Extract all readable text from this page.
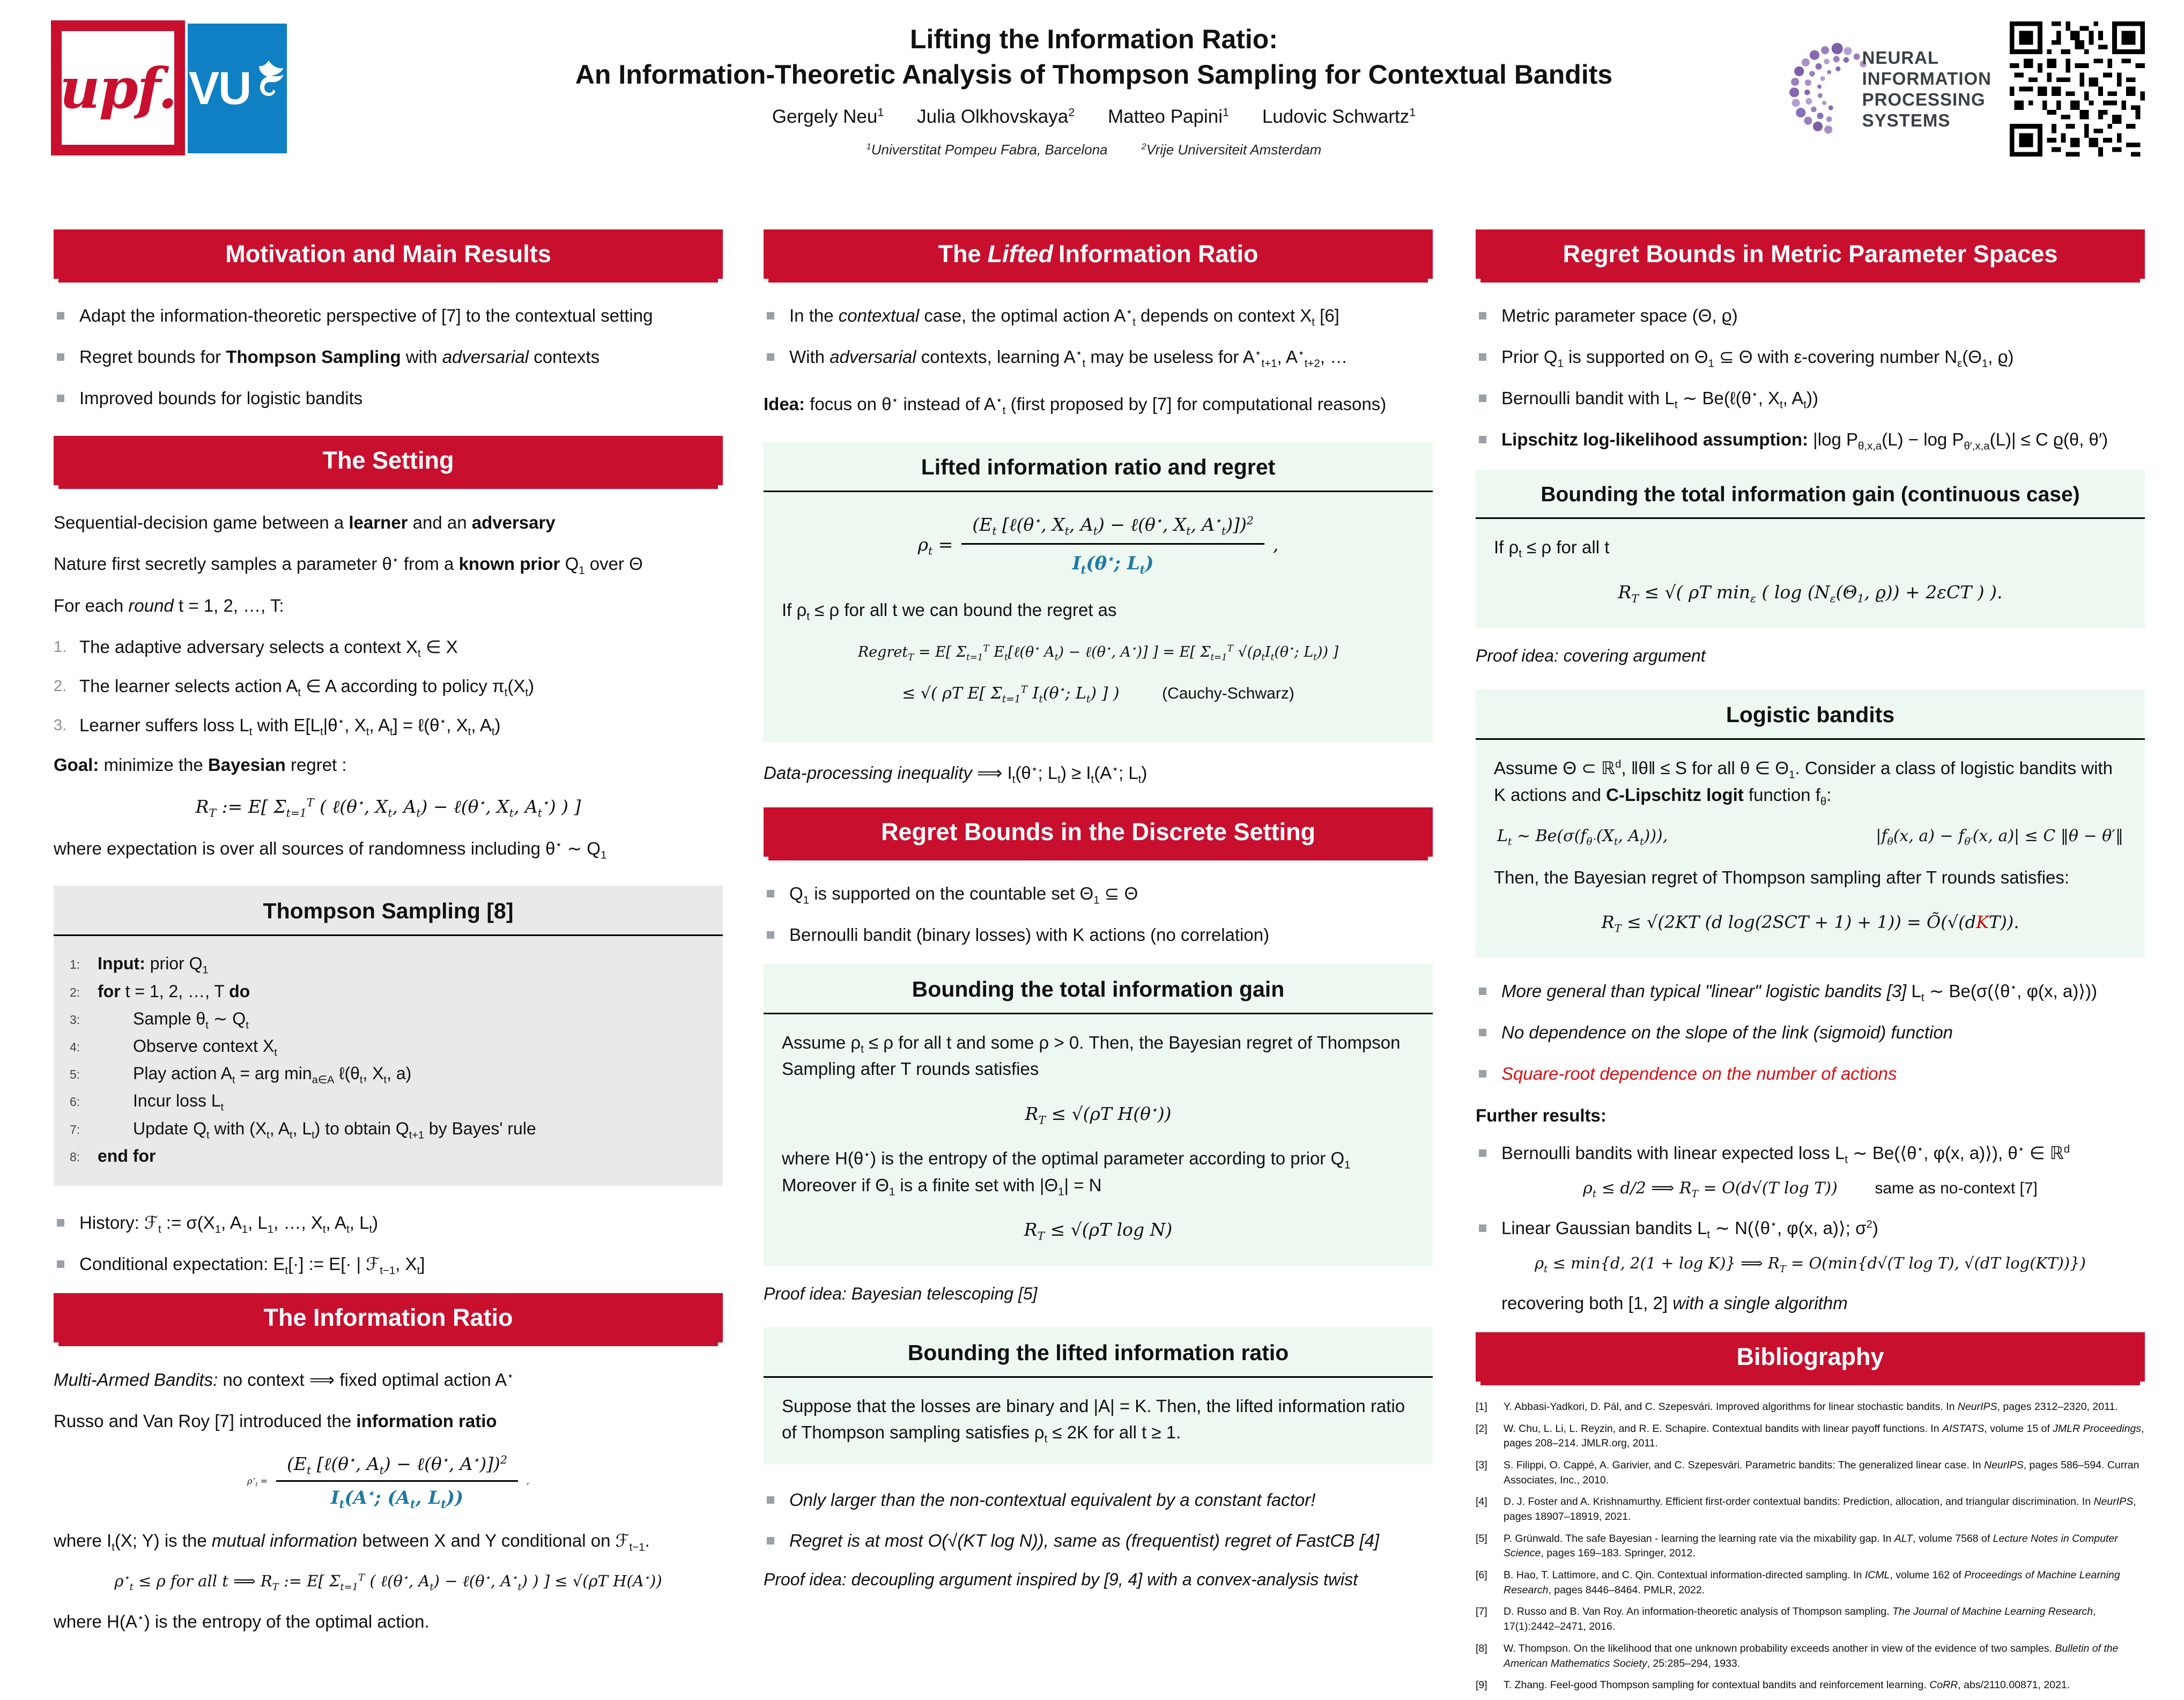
upf. VU
Lifting the Information Ratio:
An Information-Theoretic Analysis of Thompson Sampling for Contextual Bandits
Gergely Neu$^1$ Julia Olkhovskaya$^2$ Matteo Papini$^1$ Ludovic Schwartz$^1$
$^1$Universtitat Pompeu Fabra, Barcelona	$^2$Vrije Universiteit Amsterdam
NEURAL
INFORMATION
PROCESSING
SYSTEMS
Motivation and Main Results
Adapt the information-theoretic perspective of [7] to the contextual setting
Regret bounds for Thompson Sampling with adversarial contexts
Improved bounds for logistic bandits
The Setting
Sequential-decision game between a learner and an adversary
Nature first secretly samples a parameter θ⋆ from a known prior $Q_1$ over Θ
For each round t = 1, 2, …, T:
1. The adaptive adversary selects a context $X_t$ ∈ X
2. The learner selects action $A_t$ ∈ A according to policy $\pi_t(X_t)$
3. Learner suffers loss $L_t$ with $E[L_t|\theta^⋆$, $X_t$, $A_t$] = ℓ(θ⋆, $X_t$, $A_t$)
Goal: minimize the Bayesian regret :
$R_T$ := E[ $\Sigma_{t=1}^T$ ( ℓ(θ⋆, $X_t$, $A_t$) − ℓ(θ⋆, $X_t$, $A_t^⋆$) ) ]
where expectation is over all sources of randomness including θ⋆ ∼ $Q_1$
Thompson Sampling [8]
1:	Input: prior $Q_1$
2:	for t = 1, 2, …, T do
3:	Sample $\theta_t$ ∼ $Q_t$
4:	Observe context $X_t$
5:	Play action $A_t$ = arg $\min_{a\in A}$ $\ell(\theta_t$, $X_t$, a)
6:	Incur loss $L_t$
7:	Update $Q_t$ with ($X_t$, $A_t$, $L_t$) to obtain $Q_{t+1}$ by Bayes' rule
8:	end for
History: ℱ$_t$ := $\sigma(X_1$, $A_1$, $L_1$, …, $X_t$, $A_t$, $L_t$)
Conditional expectation: $E_t[\cdot]$ := E[· | ℱ$_{t-1}$, $X_t$]
The Information Ratio
Multi-Armed Bandits: no context ⟹ fixed optimal action A⋆
Russo and Van Roy [7] introduced the information ratio
$\rho^⋆_t = \frac{(E_t [\ell(\theta^⋆, A_t) - \ell(\theta^⋆, A^⋆)])^2}{I_t(A^⋆; (A_t, L_t))}$ ,
where $I_t(X$; Y) is the mutual information between X and Y conditional on ℱ$_{t-1}$.
$\rho^⋆_t \le \rho$ for all t ⟹ $R_T$ := E[ $\Sigma_{t=1}^T$ ( ℓ(θ⋆, $A_t$) − ℓ(θ⋆, $A^⋆_t$) ) ] ≤ √(ρT H(A⋆))
where H(A⋆) is the entropy of the optimal action.
The Lifted Information Ratio
In the contextual case, the optimal action $A^⋆_t$ depends on context $X_t$ [6]
With adversarial contexts, learning $A^⋆_t$ may be useless for $A^⋆_{t+1}$, $A^⋆_{t+2}$, …
Idea: focus on θ⋆ instead of $A^⋆_t$ (first proposed by [7] for computational reasons)
Lifted information ratio and regret
$\rho_t = \frac{(E_t [\ell(\theta^⋆, X_t, A_t) - \ell(\theta^⋆, X_t, A^⋆_t)])^2}{I_t(\theta^⋆; L_t)}$ ,
If $\rho_t \le \rho$ for all t we can bound the regret as
Regret$_T$ = E[ $\Sigma_{t=1}^T$ $E_t[\ell(\theta^⋆$ $A_t$) − ℓ(θ⋆, A⋆)] ] = E[ $\Sigma_{t=1}^T$ $√(\rho_tI_t(\theta^⋆$; $L_t$)) ]
≤ √( ρT E[ $\Sigma_{t=1}^T$ $I_t(\theta^⋆$; $L_t$) ] )	(Cauchy-Schwarz)
Data-processing inequality ⟹ $I_t(\theta^⋆$; $L_t) \ge I_t(A^⋆$; $L_t$)
Regret Bounds in the Discrete Setting
$Q_1$ is supported on the countable set $\Theta_1$ ⊆ Θ
Bernoulli bandit (binary losses) with K actions (no correlation)
Bounding the total information gain
Assume $\rho_t \le \rho$ for all t and some ρ > 0. Then, the Bayesian regret of Thompson Sampling after T rounds satisfies
$R_T \le √(\rho T$ H(θ⋆))
where H(θ⋆) is the entropy of the optimal parameter according to prior $Q_1$
Moreover if $\Theta_1$ is a finite set with $|\Theta_1| = N$
$R_T \le √(\rho T$ log N)
Proof idea: Bayesian telescoping [5]
Bounding the lifted information ratio
Suppose that the losses are binary and |A| = K. Then, the lifted information ratio of Thompson sampling satisfies $\rho_t \le 2K$ for all t ≥ 1.
Only larger than the non-contextual equivalent by a constant factor!
Regret is at most O(√(KT log N)), same as (frequentist) regret of FastCB [4]
Proof idea: decoupling argument inspired by [9, 4] with a convex-analysis twist
Regret Bounds in Metric Parameter Spaces
Metric parameter space (Θ, ϱ)
Prior $Q_1$ is supported on $\Theta_1$ ⊆ Θ with ε-covering number $N_\varepsilon(\Theta_1$, ϱ)
Bernoulli bandit with $L_t$ ∼ Be(ℓ(θ⋆, $X_t$, $A_t$))
Lipschitz log-likelihood assumption: |log $P_{\theta,x,a}(L) - \log P_{\theta',x,a}(L)| \le C$ ϱ(θ, θ′)
Bounding the total information gain (continuous case)
If $\rho_t \le \rho$ for all t
$R_T$ ≤ √( ρT $\min_\varepsilon$ ( $\log (N_\varepsilon(\Theta_1$, ϱ)) + 2εCT ) ).
Proof idea: covering argument
Logistic bandits
Assume Θ ⊂ ℝ$^d$, ‖θ‖ ≤ S for all θ ∈ $\Theta_1$. Consider a class of logistic bandits with K actions and C-Lipschitz logit function $f_\theta$:
$L_t$ ∼ $Be(\sigma(f_{\theta^⋆}(X_t$, $A_t$))),	$|f_\theta(x$, $a) - f_{\theta'}(x$, a)| ≤ C ‖θ − θ′‖
Then, the Bayesian regret of Thompson sampling after T rounds satisfies:
$R_T \le √(2KT$ (d log(2SCT + 1) + 1)) = Õ(√(dKT)).
More general than typical "linear" logistic bandits [3] $L_t$ ∼ Be(σ(⟨θ⋆, φ(x, a)⟩))
No dependence on the slope of the link (sigmoid) function
Square-root dependence on the number of actions
Further results:
Bernoulli bandits with linear expected loss $L_t$ ∼ Be(⟨θ⋆, φ(x, a)⟩), θ⋆ ∈ ℝ$^d$
$\rho_t \le d/2$ ⟹ $R_T = O(d√(T$ log T)) same as no-context [7]
Linear Gaussian bandits $L_t$ ∼ N(⟨θ⋆, φ(x, a)⟩; $\sigma^2$)
$\rho_t \le \min\{d$, 2(1 + log K)} ⟹ $R_T = O(\min\{d√(T$ log T), √(dT log(KT))})
recovering both [1, 2] with a single algorithm
Bibliography
[1]	Y. Abbasi-Yadkori, D. Pál, and C. Szepesvári. Improved algorithms for linear stochastic bandits. In NeurIPS, pages 2312–2320, 2011.
[2]	W. Chu, L. Li, L. Reyzin, and R. E. Schapire. Contextual bandits with linear payoff functions. In AISTATS, volume 15 of JMLR Proceedings, pages 208–214. JMLR.org, 2011.
[3]	S. Filippi, O. Cappé, A. Garivier, and C. Szepesvári. Parametric bandits: The generalized linear case. In NeurIPS, pages 586–594. Curran Associates, Inc., 2010.
[4]	D. J. Foster and A. Krishnamurthy. Efficient first-order contextual bandits: Prediction, allocation, and triangular discrimination. In NeurIPS, pages 18907–18919, 2021.
[5]	P. Grünwald. The safe Bayesian - learning the learning rate via the mixability gap. In ALT, volume 7568 of Lecture Notes in Computer Science, pages 169–183. Springer, 2012.
[6]	B. Hao, T. Lattimore, and C. Qin. Contextual information-directed sampling. In ICML, volume 162 of Proceedings of Machine Learning Research, pages 8446–8464. PMLR, 2022.
[7]	D. Russo and B. Van Roy. An information-theoretic analysis of Thompson sampling. The Journal of Machine Learning Research, 17(1):2442–2471, 2016.
[8]	W. Thompson. On the likelihood that one unknown probability exceeds another in view of the evidence of two samples. Bulletin of the American Mathematics Society, 25:285–294, 1933.
[9]	T. Zhang. Feel-good Thompson sampling for contextual bandits and reinforcement learning. CoRR, abs/2110.00871, 2021.
